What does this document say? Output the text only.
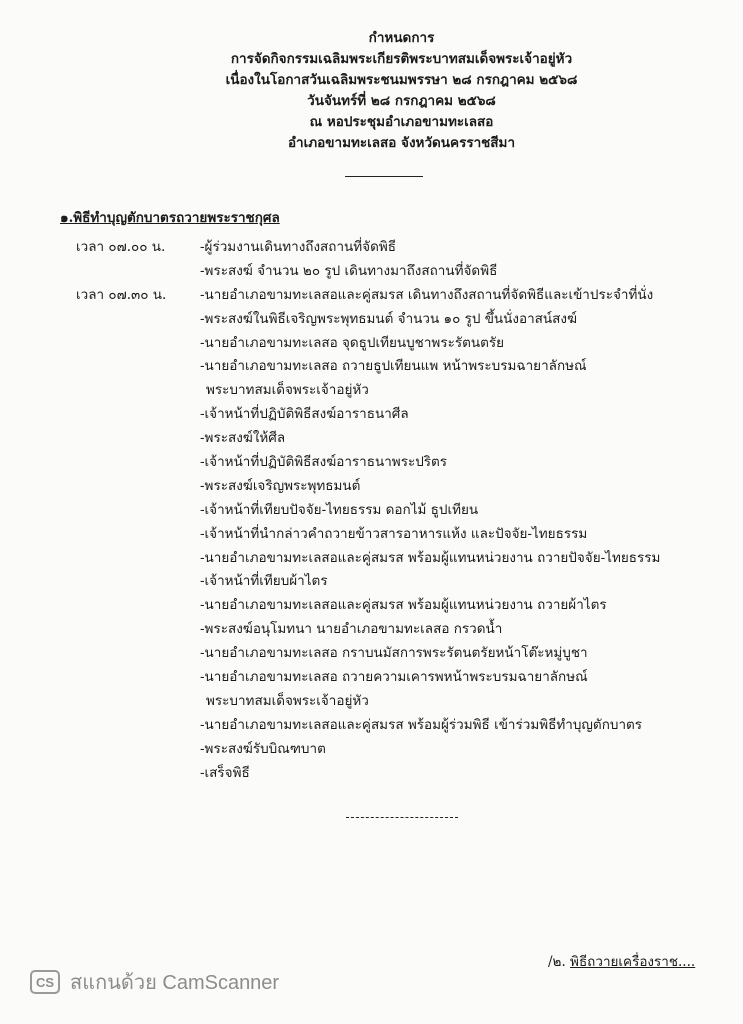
กำหนดการ
การจัดกิจกรรมเฉลิมพระเกียรติพระบาทสมเด็จพระเจ้าอยู่หัว
เนื่องในโอกาสวันเฉลิมพระชนมพรรษา ๒๘ กรกฎาคม ๒๕๖๘
วันจันทร์ที่ ๒๘ กรกฎาคม ๒๕๖๘
ณ หอประชุมอำเภอขามทะเลสอ
อำเภอขามทะเลสอ จังหวัดนครราชสีมา
๑.พิธีทำบุญตักบาตรถวายพระราชกุศล
เวลา ๐๗.๐๐ น.
เวลา ๐๗.๓๐ น.
-ผู้ร่วมงานเดินทางถึงสถานที่จัดพิธี
-พระสงฆ์ จำนวน ๒๐ รูป เดินทางมาถึงสถานที่จัดพิธี
-นายอำเภอขามทะเลสอและคู่สมรส เดินทางถึงสถานที่จัดพิธีและเข้าประจำที่นั่ง
-พระสงฆ์ในพิธีเจริญพระพุทธมนต์ จำนวน ๑๐ รูป ขึ้นนั่งอาสน์สงฆ์
-นายอำเภอขามทะเลสอ จุดธูปเทียนบูชาพระรัตนตรัย
-นายอำเภอขามทะเลสอ ถวายธูปเทียนแพ หน้าพระบรมฉายาลักษณ์
พระบาทสมเด็จพระเจ้าอยู่หัว
-เจ้าหน้าที่ปฏิบัติพิธีสงฆ์อาราธนาศีล
-พระสงฆ์ให้ศีล
-เจ้าหน้าที่ปฏิบัติพิธีสงฆ์อาราธนาพระปริตร
-พระสงฆ์เจริญพระพุทธมนต์
-เจ้าหน้าที่เทียบปัจจัย-ไทยธรรม ดอกไม้ ธูปเทียน
-เจ้าหน้าที่นำกล่าวคำถวายข้าวสารอาหารแห้ง และปัจจัย-ไทยธรรม
-นายอำเภอขามทะเลสอและคู่สมรส พร้อมผู้แทนหน่วยงาน ถวายปัจจัย-ไทยธรรม
-เจ้าหน้าที่เทียบผ้าไตร
-นายอำเภอขามทะเลสอและคู่สมรส พร้อมผู้แทนหน่วยงาน ถวายผ้าไตร
-พระสงฆ์อนุโมทนา นายอำเภอขามทะเลสอ กรวดน้ำ
-นายอำเภอขามทะเลสอ กราบนมัสการพระรัตนตรัยหน้าโต๊ะหมู่บูชา
-นายอำเภอขามทะเลสอ ถวายความเคารพหน้าพระบรมฉายาลักษณ์
พระบาทสมเด็จพระเจ้าอยู่หัว
-นายอำเภอขามทะเลสอและคู่สมรส พร้อมผู้ร่วมพิธี เข้าร่วมพิธีทำบุญตักบาตร
-พระสงฆ์รับบิณฑบาต
-เสร็จพิธี
/๒. พิธีถวายเครื่องราช....
CS สแกนด้วย CamScanner
